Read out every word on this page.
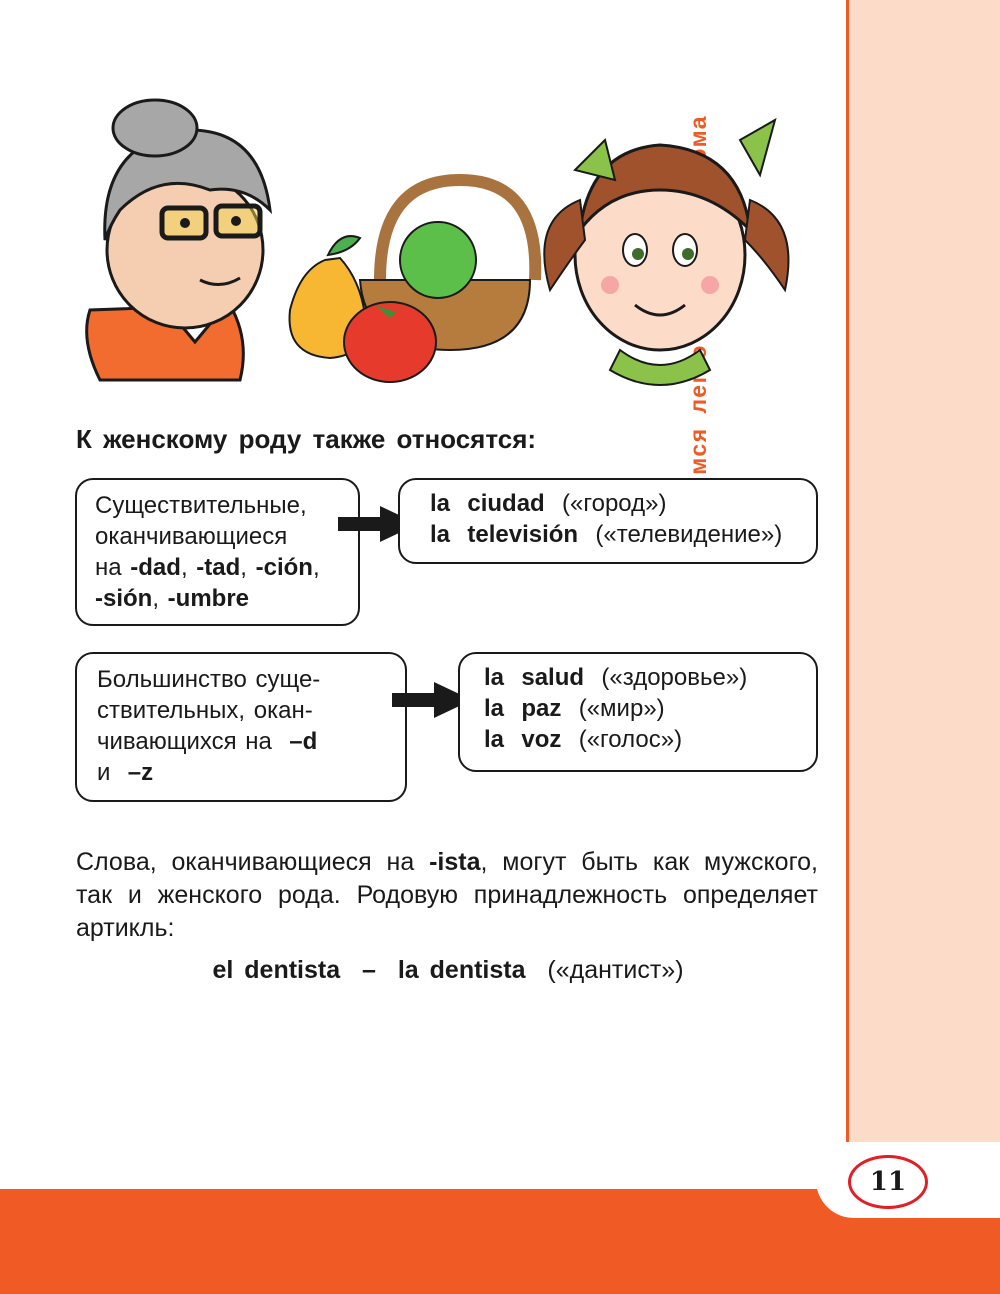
К женскому роду также относятся:

Существительные,

оканчивающиеся

на -dad, -tad, -ción,

-sión, -umbre

la ciudad («город»)

la televisión («телевидение»)

Большинство суще-

ствительных, окан-

чивающихся на –d

и –z

la salud («здоровье»)

la paz («мир»)

la voz («голос»)

Слова, оканчивающиеся на -ista, могут быть как мужского, так и женского рода. Родовую принадлежность определяет артикль:

el dentista – la dentista («дантист»)

11
